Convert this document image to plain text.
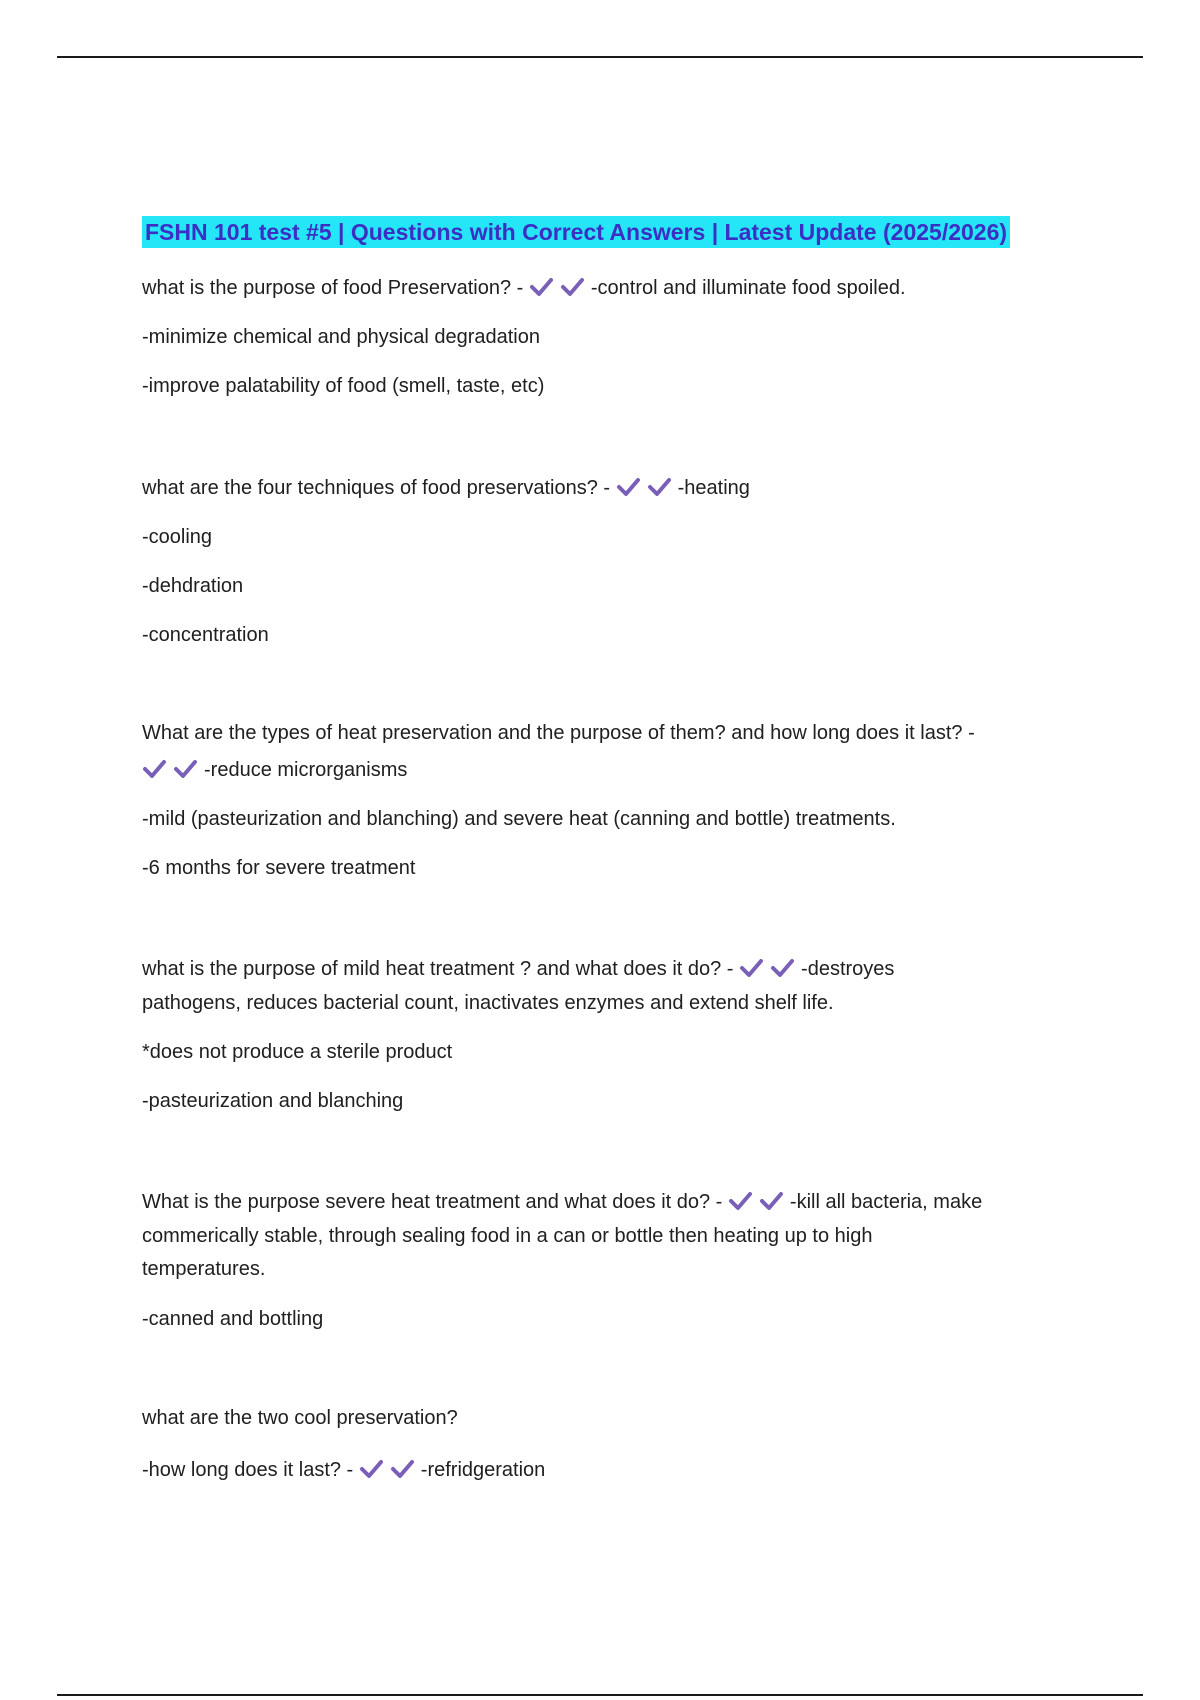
FSHN 101 test #5 | Questions with Correct Answers | Latest Update (2025/2026)

what is the purpose of food Preservation? -	-control and illuminate food spoiled.

-minimize chemical and physical degradation

-improve palatability of food (smell, taste, etc)

what are the four techniques of food preservations? -	-heating

-cooling

-dehdration

-concentration

What are the types of heat preservation and the purpose of them? and how long does it last? -

-reduce microrganisms

-mild (pasteurization and blanching) and severe heat (canning and bottle) treatments.

-6 months for severe treatment

what is the purpose of mild heat treatment ? and what does it do? -	-destroyes

pathogens, reduces bacterial count, inactivates enzymes and extend shelf life.

*does not produce a sterile product

-pasteurization and blanching

What is the purpose severe heat treatment and what does it do? -	-kill all bacteria, make

commerically stable, through sealing food in a can or bottle then heating up to high

temperatures.

-canned and bottling

what are the two cool preservation?

-how long does it last? -	-refridgeration
